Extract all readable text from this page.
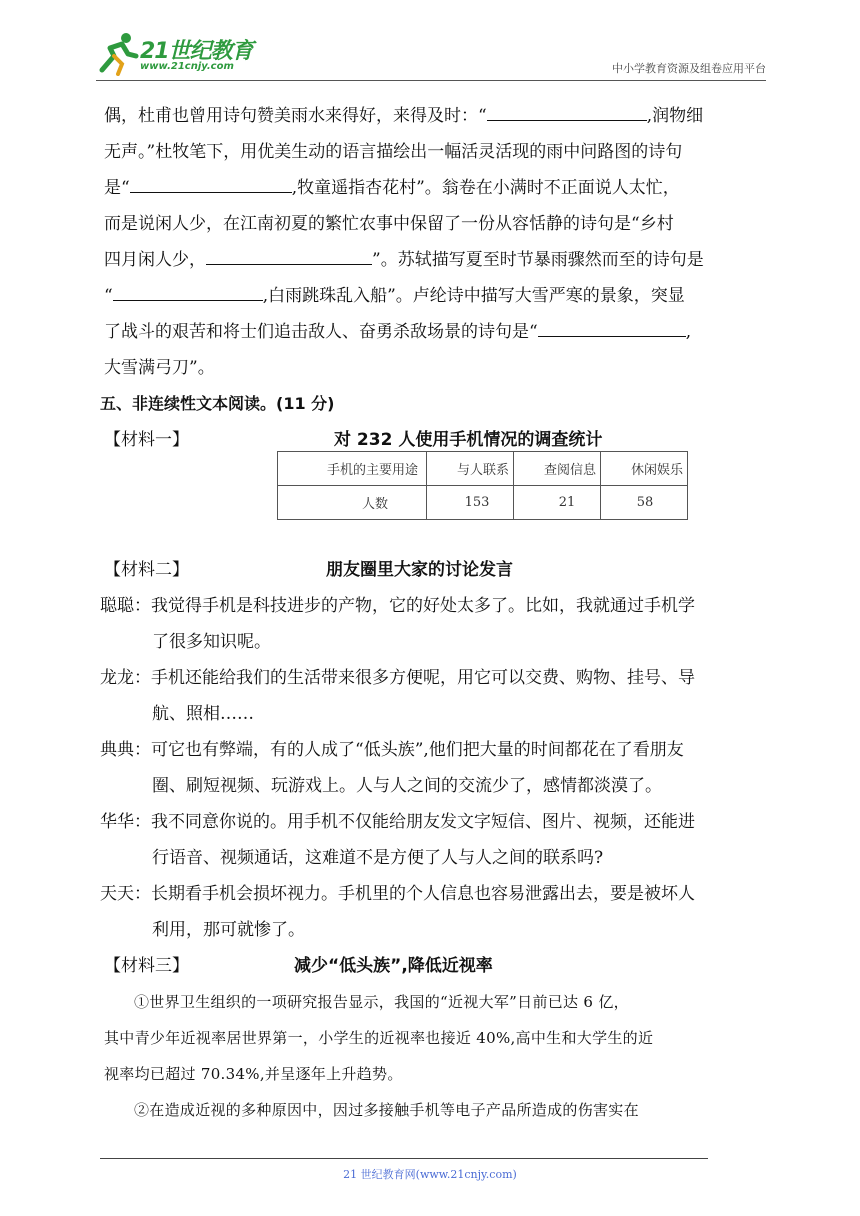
21世纪教育
www.21cnjy.com	中小学教育资源及组卷应用平台
偶，杜甫也曾用诗句赞美雨水来得好，来得及时：“	,润物细
无声。”杜牧笔下，用优美生动的语言描绘出一幅活灵活现的雨中问路图的诗句
是“	,牧童遥指杏花村”。翁卷在小满时不正面说人太忙，
而是说闲人少，在江南初夏的繁忙农事中保留了一份从容恬静的诗句是“乡村
四月闲人少，	”。苏轼描写夏至时节暴雨骤然而至的诗句是
“	,白雨跳珠乱入船”。卢纶诗中描写大雪严寒的景象，突显
了战斗的艰苦和将士们追击敌人、奋勇杀敌场景的诗句是“	,
大雪满弓刀”。
五、非连续性文本阅读。(11 分)
【材料一】	对 232 人使用手机情况的调查统计
手机的主要用途	与人联系	查阅信息	休闲娱乐
人数	153	21	58
【材料二】	朋友圈里大家的讨论发言
聪聪：我觉得手机是科技进步的产物，它的好处太多了。比如，我就通过手机学
了很多知识呢。
龙龙：手机还能给我们的生活带来很多方便呢，用它可以交费、购物、挂号、导
航、照相……
典典：可它也有弊端，有的人成了“低头族”,他们把大量的时间都花在了看朋友
圈、刷短视频、玩游戏上。人与人之间的交流少了，感情都淡漠了。
华华：我不同意你说的。用手机不仅能给朋友发文字短信、图片、视频，还能进
行语音、视频通话，这难道不是方便了人与人之间的联系吗?
天天：长期看手机会损坏视力。手机里的个人信息也容易泄露出去，要是被坏人
利用，那可就惨了。
【材料三】	减少“低头族”,降低近视率
①世界卫生组织的一项研究报告显示，我国的“近视大军”日前已达 6 亿，
其中青少年近视率居世界第一，小学生的近视率也接近 40%,高中生和大学生的近
视率均已超过 70.34%,并呈逐年上升趋势。
②在造成近视的多种原因中，因过多接触手机等电子产品所造成的伤害实在
21 世纪教育网(www.21cnjy.com)
